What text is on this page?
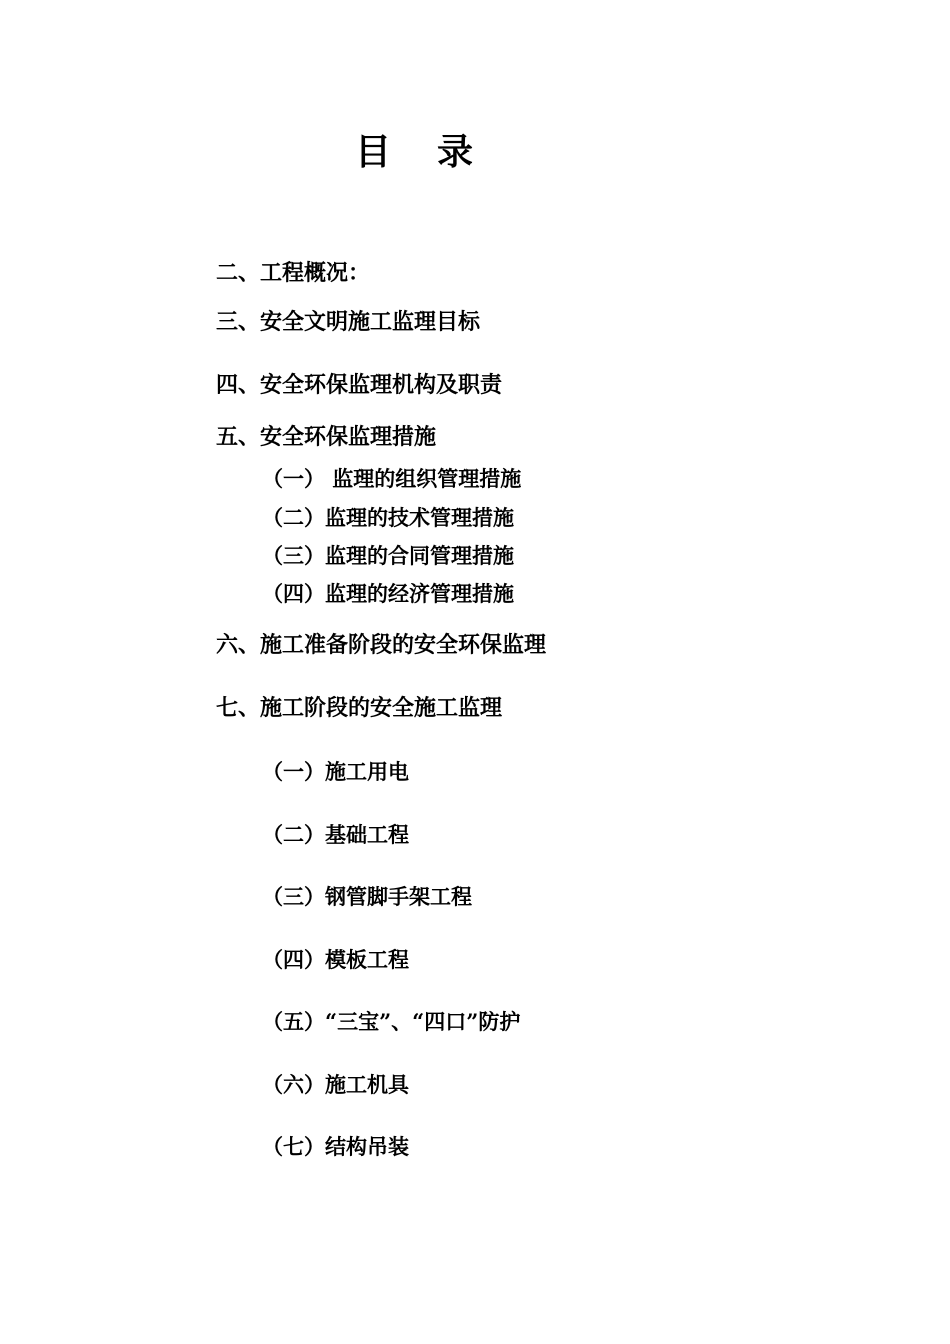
目录
二、工程概况：
三、安全文明施工监理目标
四、安全环保监理机构及职责
五、安全环保监理措施
（一） 监理的组织管理措施
（二）监理的技术管理措施
（三）监理的合同管理措施
（四）监理的经济管理措施
六、施工准备阶段的安全环保监理
七、施工阶段的安全施工监理
（一）施工用电
（二）基础工程
（三）钢管脚手架工程
（四）模板工程
（五）“三宝”、“四口”防护
（六）施工机具
（七）结构吊装
